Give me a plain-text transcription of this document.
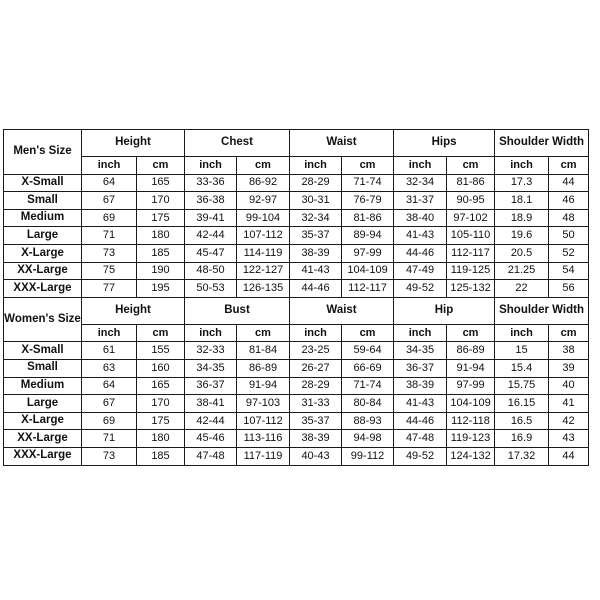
Men's Size	Height		Chest		Waist		Hips		Shoulder Width	
	inch	cm	inch	cm	inch	cm	inch	cm	inch	cm
X-Small	64	165	33-36	86-92	28-29	71-74	32-34	81-86	17.3	44
Small	67	170	36-38	92-97	30-31	76-79	31-37	90-95	18.1	46
Medium	69	175	39-41	99-104	32-34	81-86	38-40	97-102	18.9	48
Large	71	180	42-44	107-112	35-37	89-94	41-43	105-110	19.6	50
X-Large	73	185	45-47	114-119	38-39	97-99	44-46	112-117	20.5	52
XX-Large	75	190	48-50	122-127	41-43	104-109	47-49	119-125	21.25	54
XXX-Large	77	195	50-53	126-135	44-46	112-117	49-52	125-132	22	56
Women's Size	Height		Bust		Waist		Hip		Shoulder Width	
	inch	cm	inch	cm	inch	cm	inch	cm	inch	cm
X-Small	61	155	32-33	81-84	23-25	59-64	34-35	86-89	15	38
Small	63	160	34-35	86-89	26-27	66-69	36-37	91-94	15.4	39
Medium	64	165	36-37	91-94	28-29	71-74	38-39	97-99	15.75	40
Large	67	170	38-41	97-103	31-33	80-84	41-43	104-109	16.15	41
X-Large	69	175	42-44	107-112	35-37	88-93	44-46	112-118	16.5	42
XX-Large	71	180	45-46	113-116	38-39	94-98	47-48	119-123	16.9	43
XXX-Large	73	185	47-48	117-119	40-43	99-112	49-52	124-132	17.32	44
